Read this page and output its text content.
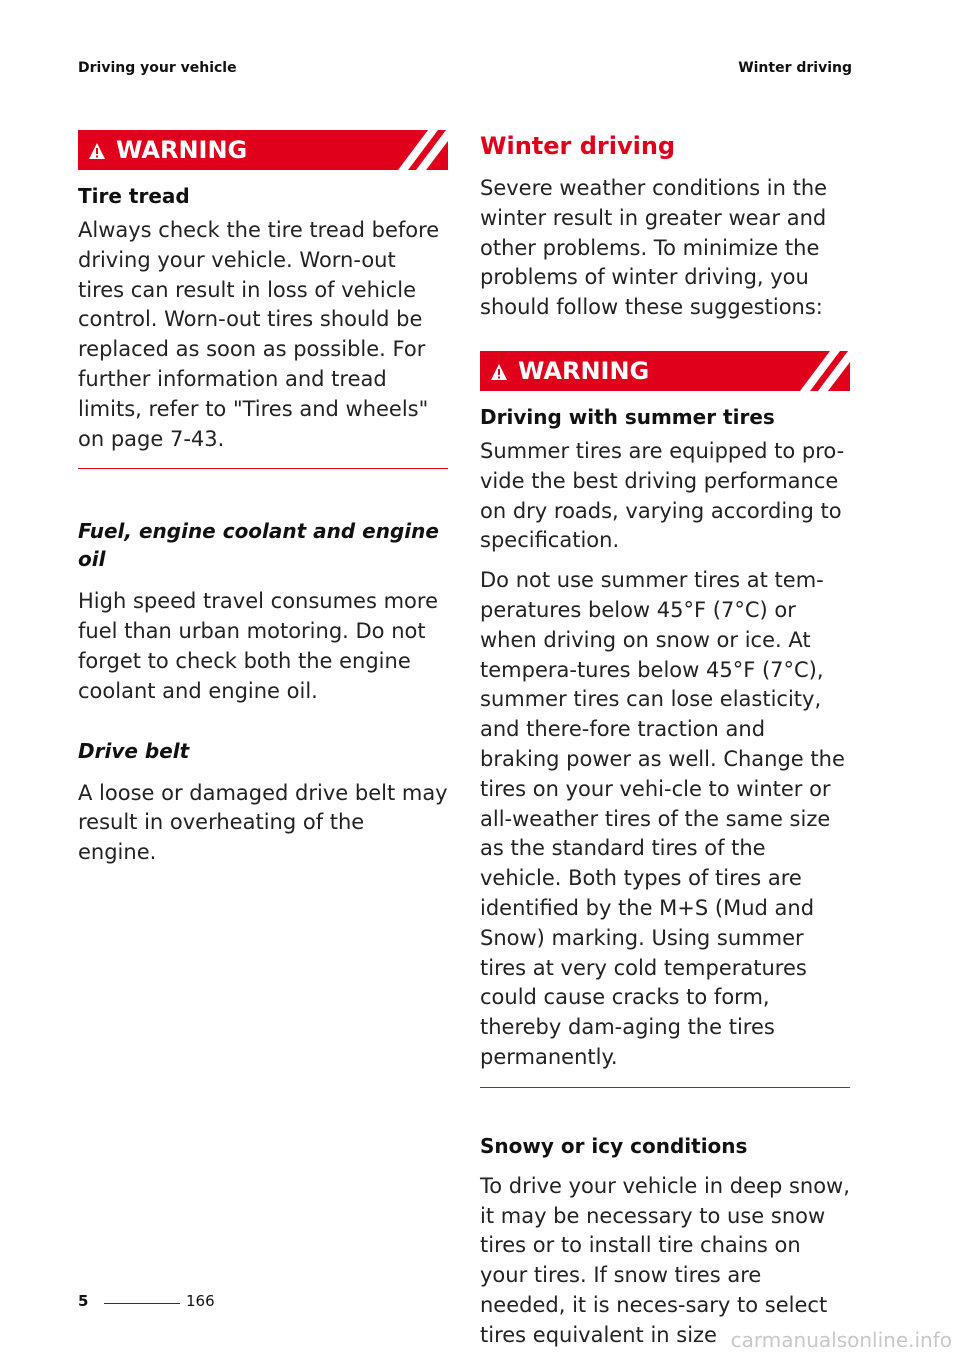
Driving your vehicle	Winter driving
WARNING
Tire tread

Always check the tire tread before driving your vehicle. Worn-out tires can result in loss of vehicle control. Worn-out tires should be replaced as soon as possible. For further information and tread limits, refer to "Tires and wheels" on page 7-43.

Fuel, engine coolant and engine oil

High speed travel consumes more fuel than urban motoring. Do not forget to check both the engine coolant and engine oil.

Drive belt

A loose or damaged drive belt may result in overheating of the engine.

Winter driving

Severe weather conditions in the winter result in greater wear and other problems. To minimize the problems of winter driving, you should follow these suggestions:

WARNING
Driving with summer tires

Summer tires are equipped to pro-vide the best driving performance on dry roads, varying according to specification.

Do not use summer tires at tem-peratures below 45°F (7°C) or when driving on snow or ice. At tempera-tures below 45°F (7°C), summer tires can lose elasticity, and there-fore traction and braking power as well. Change the tires on your vehi-cle to winter or all-weather tires of the same size as the standard tires of the vehicle. Both types of tires are identified by the M+S (Mud and Snow) marking. Using summer tires at very cold temperatures could cause cracks to form, thereby dam-aging the tires permanently.

Snowy or icy conditions

To drive your vehicle in deep snow, it may be necessary to use snow tires or to install tire chains on your tires. If snow tires are needed, it is neces-sary to select tires equivalent in size

5	166
carmanualsonline.info
